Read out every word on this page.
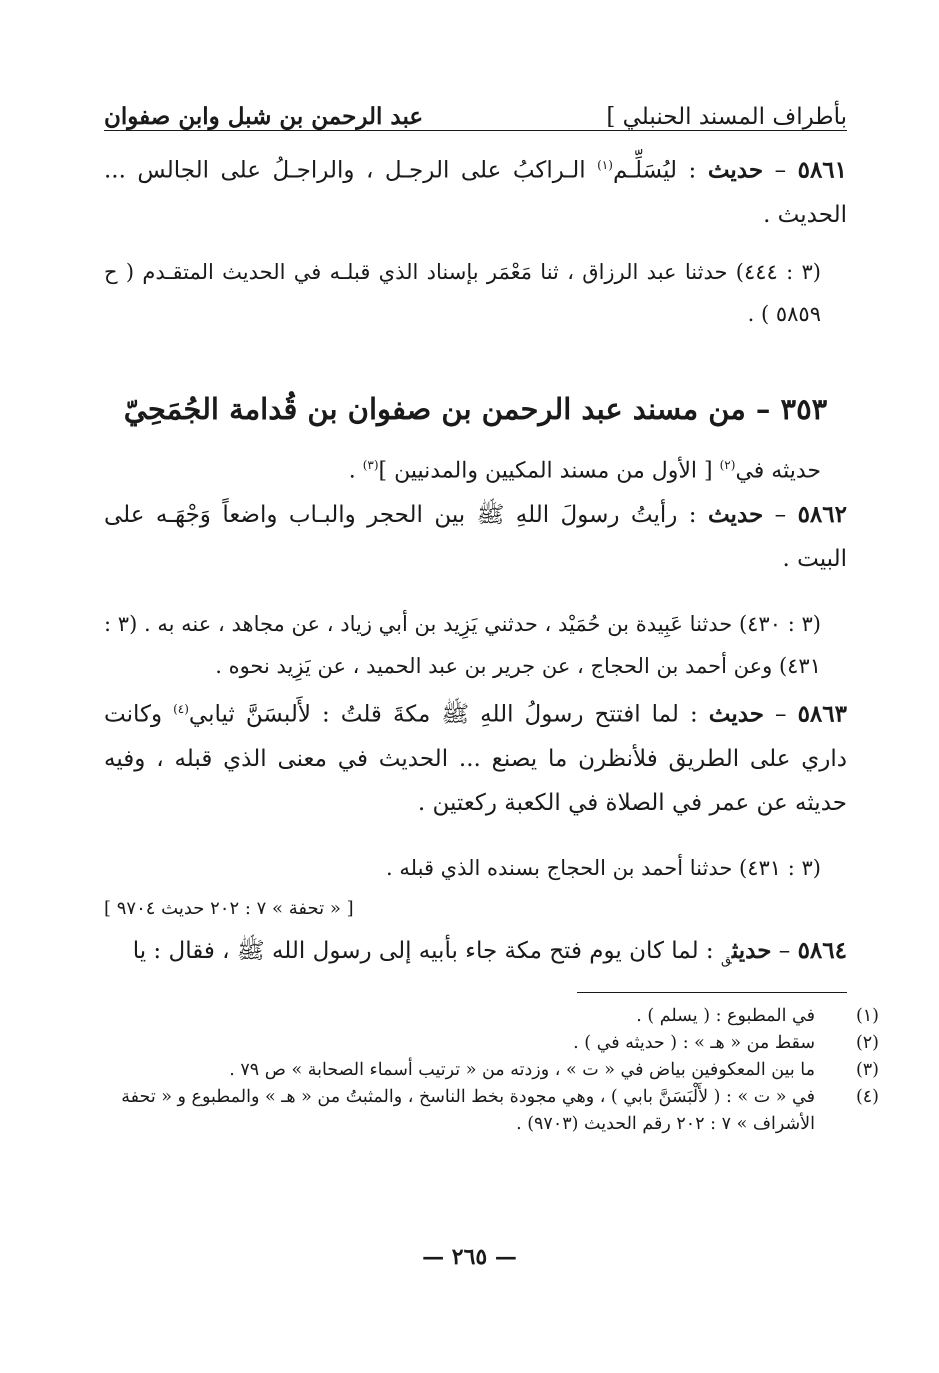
بأطراف المسند الحنبلي ]
عبد الرحمن بن شبل وابن صفوان

٥٨٦١ – حديث : ليُسَلِّـم$^{(١)}$ الـراكبُ على الرجـل ، والراجـلُ على الجالس ... الحديث .

(٣ : ٤٤٤) حدثنا عبد الرزاق ، ثنا مَعْمَر بإسناد الذي قبلـه في الحديث المتقـدم ( ح ٥٨٥٩ ) .

٣٥٣ – من مسند عبد الرحمن بن صفوان بن قُدامة الجُمَحِيّ

حديثه في$^{(٢)}$ [ الأول من مسند المكيين والمدنيين ]$^{(٣)}$ .

٥٨٦٢ – حديث : رأيتُ رسولَ اللهِ ﷺ بين الحجر والبـاب واضعاً وَجْهَـه على البيت .

(٣ : ٤٣٠) حدثنا عَبِيدة بن حُمَيْد ، حدثني يَزِيد بن أبي زياد ، عن مجاهد ، عنه به . (٣ : ٤٣١) وعن أحمد بن الحجاج ، عن جرير بن عبد الحميد ، عن يَزِيد نحوه .

٥٨٦٣ – حديث : لما افتتح رسولُ اللهِ ﷺ مكةَ قلتُ : لأَلبسَنَّ ثيابي$^{(٤)}$ وكانت داري على الطريق فلأنظرن ما يصنع ... الحديث في معنى الذي قبله ، وفيه حديثه عن عمر في الصلاة في الكعبة ركعتين .

(٣ : ٤٣١) حدثنا أحمد بن الحجاج بسنده الذي قبله .

[ « تحفة » ٧ : ٢٠٢ حديث ٩٧٠٤ ]

٥٨٦٤ – حديث$_ق$ : لما كان يوم فتح مكة جاء بأبيه إلى رسول الله ﷺ ، فقال : يا

(١)في المطبوع : ( يسلم ) .

(٢)سقط من « هـ » : ( حديثه في ) .

(٣)ما بين المعكوفين بياض في « ت » ، وزدته من « ترتيب أسماء الصحابة » ص ٧٩ .

(٤)في « ت » : ( لأَلْبَسَنَّ بابي ) ، وهي مجودة بخط الناسخ ، والمثبتُ من « هـ » والمطبوع و « تحفة الأشراف » ٧ : ٢٠٢ رقم الحديث (٩٧٠٣) .

— ٢٦٥ —
